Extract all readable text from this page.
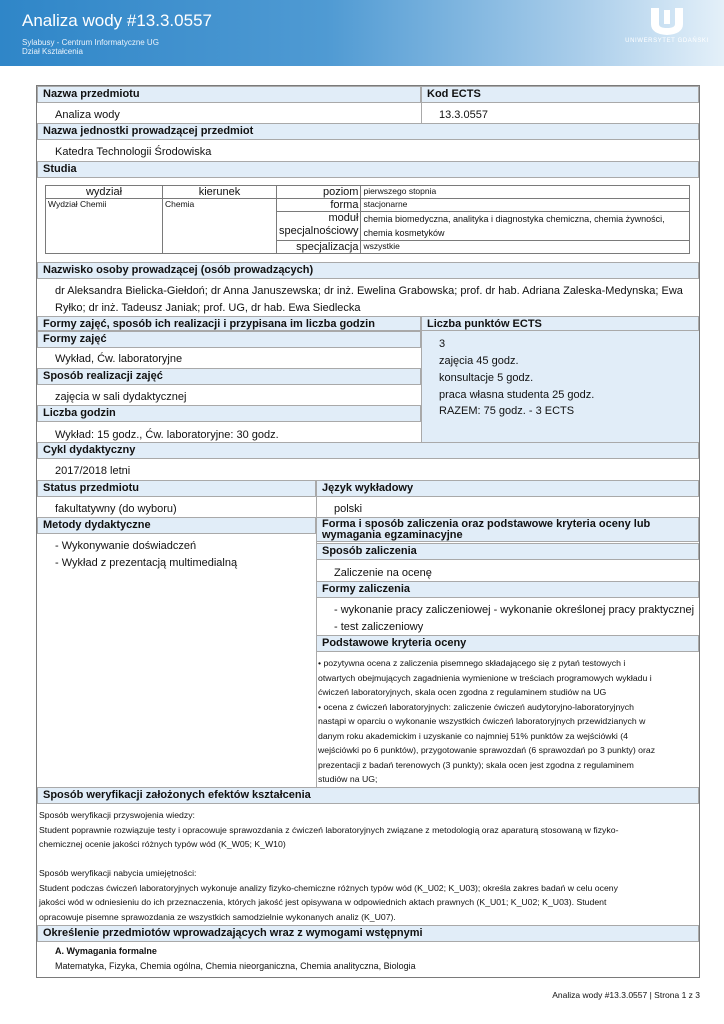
Analiza wody #13.3.0557
Sylabusy - Centrum Informatyczne UG
Dział Kształcenia
UNIWERSYTET GDAŃSKI
Nazwa przedmiotu	Kod ECTS
Analiza wody	13.3.0557
Nazwa jednostki prowadzącej przedmiot
Katedra Technologii Środowiska
Studia
wydział	kierunek	poziom	pierwszego stopnia
Wydział Chemii	Chemia	forma	stacjonarne
		moduł specjalnościowy	chemia biomedyczna, analityka i diagnostyka chemiczna, chemia żywności, chemia kosmetyków
		specjalizacja	wszystkie
Nazwisko osoby prowadzącej (osób prowadzących)
dr Aleksandra Bielicka-Giełdoń; dr Anna Januszewska; dr inż. Ewelina Grabowska; prof. dr hab. Adriana Zaleska-Medynska; Ewa
Ryłko; dr inż. Tadeusz Janiak; prof. UG, dr hab. Ewa Siedlecka
Formy zajęć, sposób ich realizacji i przypisana im liczba godzin	Liczba punktów ECTS
3
zajęcia 45 godz.
konsultacje 5 godz.
praca własna studenta 25 godz.
RAZEM: 75 godz. - 3 ECTS
Formy zajęć
Wykład, Ćw. laboratoryjne
Sposób realizacji zajęć
zajęcia w sali dydaktycznej
Liczba godzin
Wykład: 15 godz., Ćw. laboratoryjne: 30 godz.
Cykl dydaktyczny
2017/2018 letni
Status przedmiotu	Język wykładowy
fakultatywny (do wyboru)	polski
Metody dydaktyczne
- Wykonywanie doświadczeń
- Wykład z prezentacją multimedialną
Forma i sposób zaliczenia oraz podstawowe kryteria oceny lub wymagania egzaminacyjne
Sposób zaliczenia
Zaliczenie na ocenę
Formy zaliczenia
- wykonanie pracy zaliczeniowej - wykonanie określonej pracy praktycznej
- test zaliczeniowy
Podstawowe kryteria oceny
• pozytywna ocena z zaliczenia pisemnego składającego się z pytań testowych i
otwartych obejmujących zagadnienia wymienione w treściach programowych wykładu i
ćwiczeń laboratoryjnych, skala ocen zgodna z regulaminem studiów na UG
• ocena z ćwiczeń laboratoryjnych: zaliczenie ćwiczeń audytoryjno-laboratoryjnych
nastąpi w oparciu o wykonanie wszystkich ćwiczeń laboratoryjnych przewidzianych w
danym roku akademickim i uzyskanie co najmniej 51% punktów za wejściówki (4
wejściówki po 6 punktów), przygotowanie sprawozdań (6 sprawozdań po 3 punkty) oraz
prezentacji z badań terenowych (3 punkty); skala ocen jest zgodna z regulaminem
studiów na UG;
Sposób weryfikacji założonych efektów kształcenia
Sposób weryfikacji przyswojenia wiedzy:
Student poprawnie rozwiązuje testy i opracowuje sprawozdania z ćwiczeń laboratoryjnych związane z metodologią oraz aparaturą stosowaną w fizyko-
chemicznej ocenie jakości różnych typów wód (K_W05; K_W10)
Sposób weryfikacji nabycia umiejętności:
Student podczas ćwiczeń laboratoryjnych wykonuje analizy fizyko-chemiczne różnych typów wód (K_U02; K_U03); określa zakres badań w celu oceny
jakości wód w odniesieniu do ich przeznaczenia, których jakość jest opisywana w odpowiednich aktach prawnych (K_U01; K_U02; K_U03). Student
opracowuje pisemne sprawozdania ze wszystkich samodzielnie wykonanych analiz (K_U07).
Określenie przedmiotów wprowadzających wraz z wymogami wstępnymi
A. Wymagania formalne
Matematyka, Fizyka, Chemia ogólna, Chemia nieorganiczna, Chemia analityczna, Biologia
Analiza wody #13.3.0557 | Strona 1 z 3
